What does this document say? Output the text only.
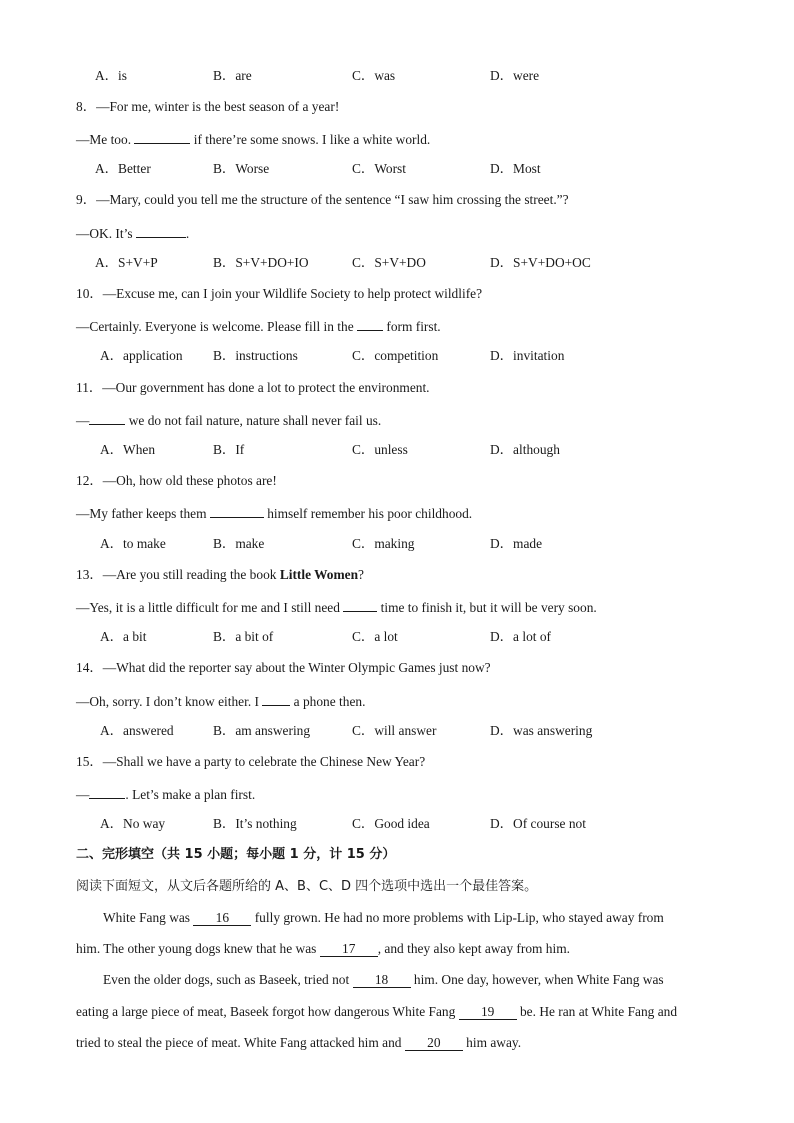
A．is	B．are	C．was	D．were
8．—For me, winter is the best season of a year!
—Me too.	if there’re some snows. I like a white world.
A．Better	B．Worse	C．Worst	D．Most
9．—Mary, could you tell me the structure of the sentence “I saw him crossing the street.”?
—OK. It’s	.
A．S+V+P	B．S+V+DO+IO	C．S+V+DO	D．S+V+DO+OC
10．—Excuse me, can I join your Wildlife Society to help protect wildlife?
—Certainly. Everyone is welcome. Please fill in the  form first.
A．application B．instructions	C．competition	D．invitation
11．—Our government has done a lot to protect the environment.
—	we do not fail nature, nature shall never fail us.
A．When	B．If	C．unless	D．although
12．—Oh, how old these photos are!
—My father keeps them	himself remember his poor childhood.
A．to make	B．make	C．making	D．made
13．—Are you still reading the book Little Women?
—Yes, it is a little difficult for me and I still need	time to finish it, but it will be very soon.
A．a bit	B．a bit of	C．a lot	D．a lot of
14．—What did the reporter say about the Winter Olympic Games just now?
—Oh, sorry. I don’t know either. I  a phone then.
A．answered	B．am answering	C．will answer	D．was answering
15．—Shall we have a party to celebrate the Chinese New Year?
—	. Let’s make a plan first.
A．No way	B．It’s nothing	C．Good idea	D．Of course not
二、完形填空（共 15 小题；每小题 1 分，计 15 分）
阅读下面短文，从文后各题所给的 A、B、C、D 四个选项中选出一个最佳答案。
White Fang was 16 fully grown. He had no more problems with Lip-Lip, who stayed away from
him. The other young dogs knew that he was 17 , and they also kept away from him.
Even the older dogs, such as Baseek, tried not 18 him. One day, however, when White Fang was
eating a large piece of meat, Baseek forgot how dangerous White Fang 19 be. He ran at White Fang and
tried to steal the piece of meat. White Fang attacked him and 20 him away.
